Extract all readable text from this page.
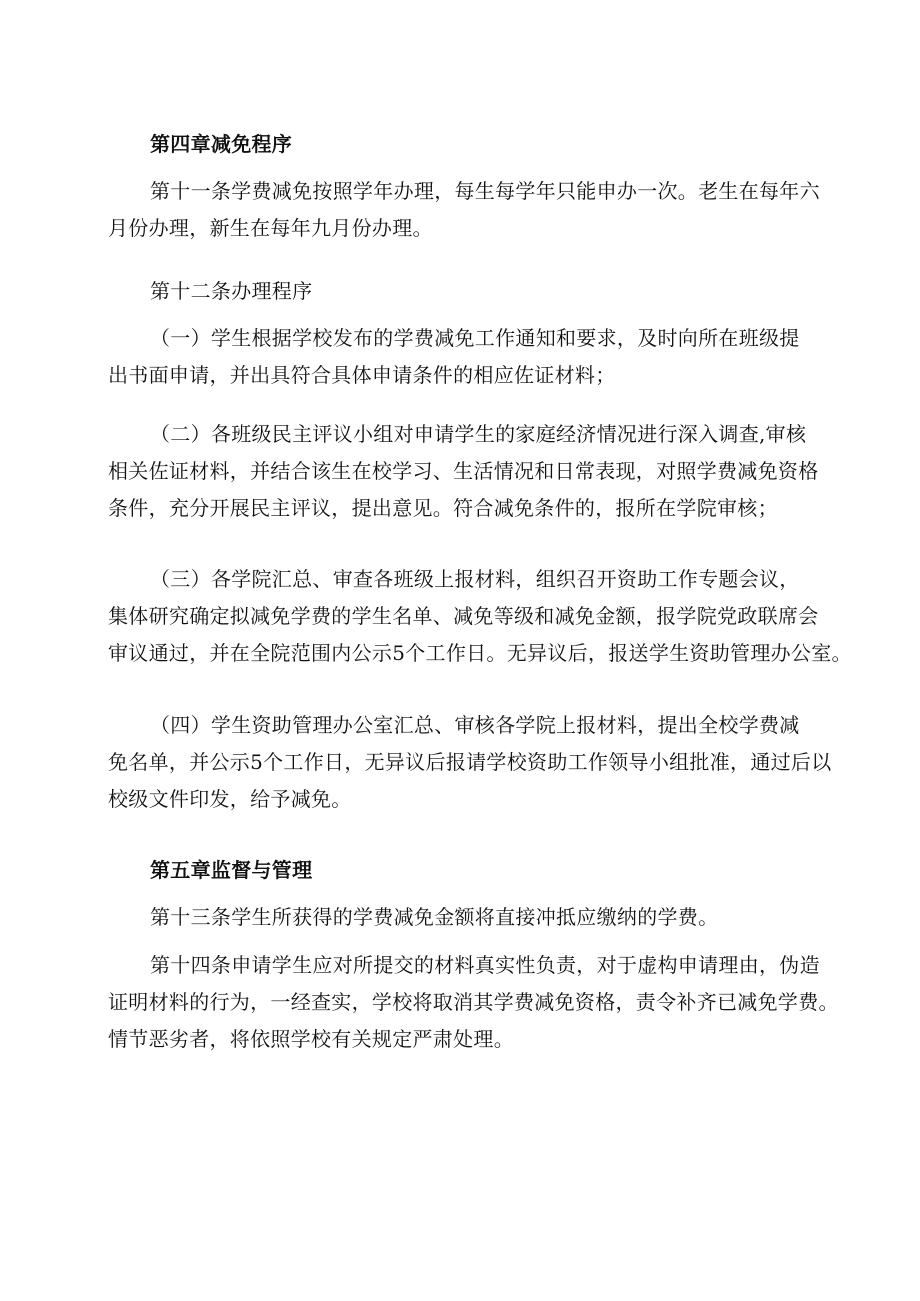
第四章减免程序

第十一条学费减免按照学年办理，每生每学年只能申办一次。老生在每年六
月份办理，新生在每年九月份办理。

第十二条办理程序

（一）学生根据学校发布的学费减免工作通知和要求，及时向所在班级提
出书面申请，并出具符合具体申请条件的相应佐证材料；

（二）各班级民主评议小组对申请学生的家庭经济情况进行深入调查,审核
相关佐证材料，并结合该生在校学习、生活情况和日常表现，对照学费减免资格
条件，充分开展民主评议，提出意见。符合减免条件的，报所在学院审核；

（三）各学院汇总、审查各班级上报材料，组织召开资助工作专题会议，
集体研究确定拟减免学费的学生名单、减免等级和减免金额，报学院党政联席会
审议通过，并在全院范围内公示5个工作日。无异议后，报送学生资助管理办公室。

（四）学生资助管理办公室汇总、审核各学院上报材料，提出全校学费减
免名单，并公示5个工作日，无异议后报请学校资助工作领导小组批准，通过后以
校级文件印发，给予减免。

第五章监督与管理

第十三条学生所获得的学费减免金额将直接冲抵应缴纳的学费。

第十四条申请学生应对所提交的材料真实性负责，对于虚构申请理由，伪造
证明材料的行为，一经查实，学校将取消其学费减免资格，责令补齐已减免学费。
情节恶劣者，将依照学校有关规定严肃处理。
